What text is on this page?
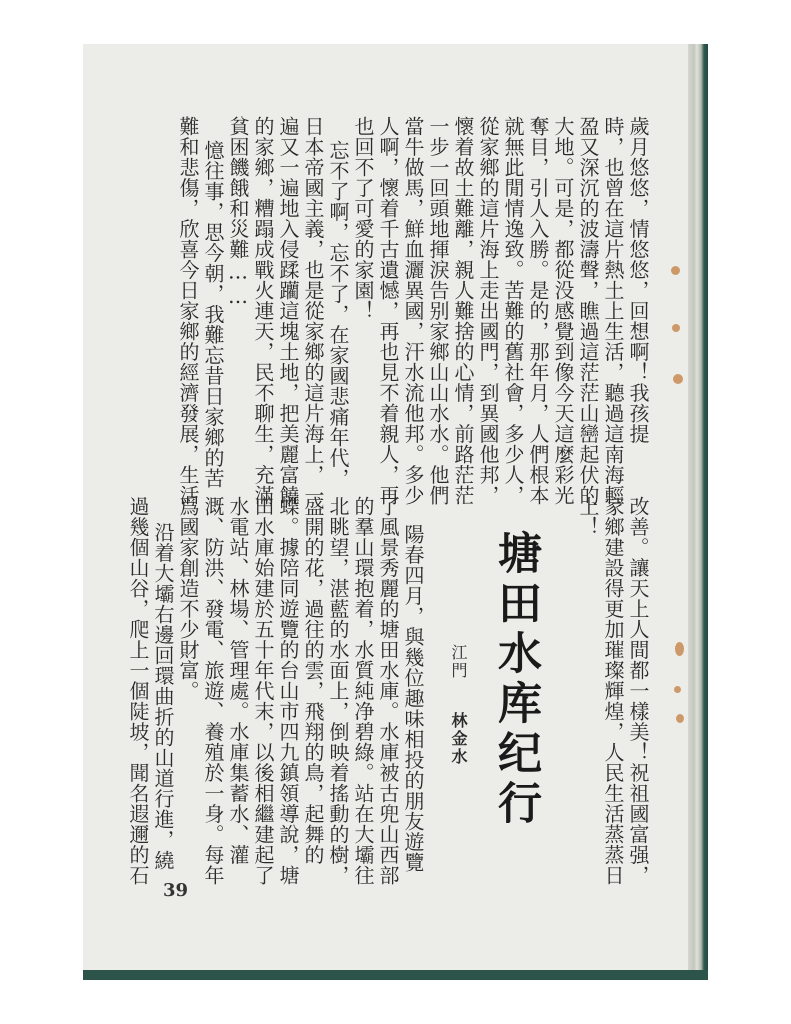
歲月悠悠，情悠悠，回想啊！我孩提
時，也曾在這片熱土上生活，聽過這南海輕
盈又深沉的波濤聲，瞧過這茫茫山巒起伏的
大地。可是，都從没感覺到像今天這麼彩光
奪目，引人入勝。是的，那年月，人們根本
就無此閒情逸致。苦難的舊社會，多少人，
從家鄉的這片海上走出國門，到異國他邦，
懷着故土難離，親人難捨的心情，前路茫茫
一步一回頭地揮淚告别家鄉山山水水。他們
當牛做馬，鮮血灑異國，汗水流他邦。多少
人啊，懷着千古遺憾，再也見不着親人，再
也回不了可愛的家園！
忘不了啊，忘不了，在家國悲痛年代，
日本帝國主義，也是從家鄉的這片海上，一
遍又一遍地入侵蹂躪這塊土地，把美麗富饒
的家鄉，糟蹋成戰火連天，民不聊生，充滿
貧困饑餓和災難……
憶往事，思今朝，我難忘昔日家鄉的苦
難和悲傷，欣喜今日家鄉的經濟發展，生活
改善。讓天上人間都一樣美！祝祖國富强，
家鄉建設得更加璀璨輝煌，人民生活蒸蒸日
上！
塘田水库纪行
江門
林金水
陽春四月，與幾位趣味相投的朋友遊覽
了風景秀麗的塘田水庫。水庫被古兜山西部
的羣山環抱着，水質純净碧綠。站在大壩往
北眺望，湛藍的水面上，倒映着搖動的樹，
盛開的花，過往的雲，飛翔的鳥，起舞的
蝶。據陪同遊覽的台山市四九鎮領導說，塘
田水庫始建於五十年代末，以後相繼建起了
水電站、林場、管理處。水庫集蓄水、灌
溉、防洪、發電、旅遊、養殖於一身。每年
爲國家創造不少財富。
沿着大壩右邊回環曲折的山道行進，繞
過幾個山谷，爬上一個陡坡，聞名遐邇的石
39
